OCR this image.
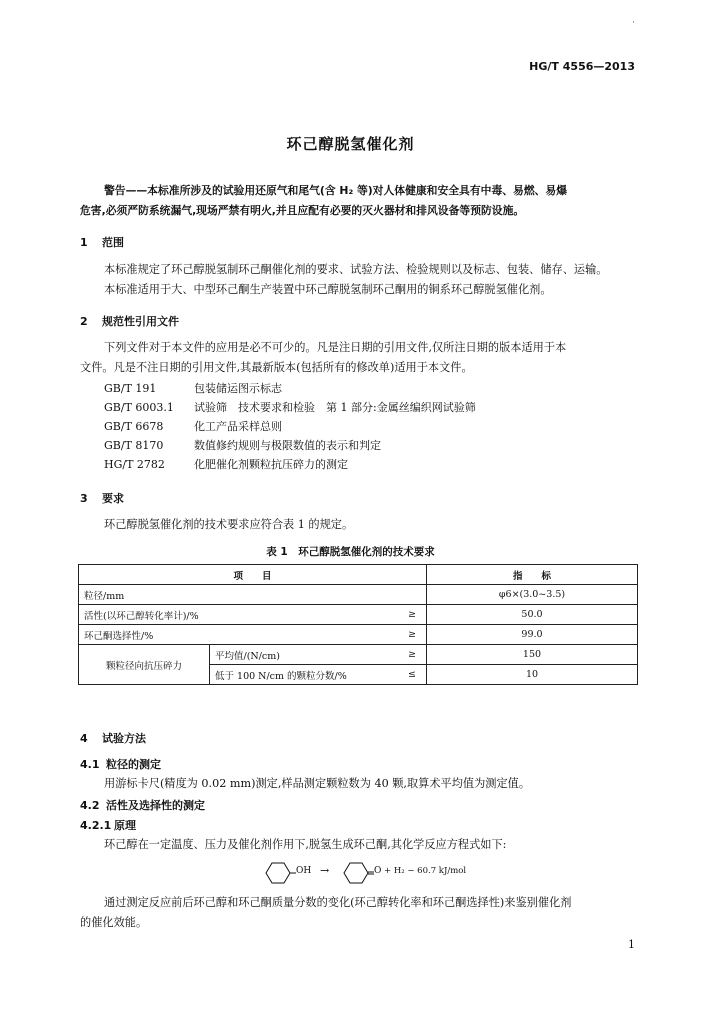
·
HG/T 4556—2013
环己醇脱氢催化剂
警告——本标准所涉及的试验用还原气和尾气(含 H₂ 等)对人体健康和安全具有中毒、易燃、易爆
危害,必须严防系统漏气,现场严禁有明火,并且应配有必要的灭火器材和排风设备等预防设施。
1 范围
本标准规定了环己醇脱氢制环己酮催化剂的要求、试验方法、检验规则以及标志、包装、储存、运输。
本标准适用于大、中型环己酮生产装置中环己醇脱氢制环己酮用的铜系环己醇脱氢催化剂。
2 规范性引用文件
下列文件对于本文件的应用是必不可少的。凡是注日期的引用文件,仅所注日期的版本适用于本
文件。凡是不注日期的引用文件,其最新版本(包括所有的修改单)适用于本文件。
GB/T 191	包装储运图示标志
GB/T 6003.1 试验筛　技术要求和检验　第 1 部分:金属丝编织网试验筛
GB/T 6678	化工产品采样总则
GB/T 8170	数值修约规则与极限数值的表示和判定
HG/T 2782	化肥催化剂颗粒抗压碎力的测定
3 要求
环己醇脱氢催化剂的技术要求应符合表 1 的规定。
表 1　环己醇脱氢催化剂的技术要求
项　　目			指　　标
粒径/mm			φ6×(3.0~3.5)
活性(以环己醇转化率计)/%		≥	50.0
环己酮选择性/%		≥	99.0
颗粒径向抗压碎力	平均值/(N/cm)	≥	150
	低于 100 N/cm 的颗粒分数/%	≤	10
4 试验方法
4.1 粒径的测定
用游标卡尺(精度为 0.02 mm)测定,样品测定颗粒数为 40 颗,取算术平均值为测定值。
4.2 活性及选择性的测定
4.2.1 原理
环己醇在一定温度、压力及催化剂作用下,脱氢生成环己酮,其化学反应方程式如下:
OH →	O + H₂ − 60.7 kJ/mol
通过测定反应前后环己醇和环己酮质量分数的变化(环己醇转化率和环己酮选择性)来鉴别催化剂
的催化效能。
1
